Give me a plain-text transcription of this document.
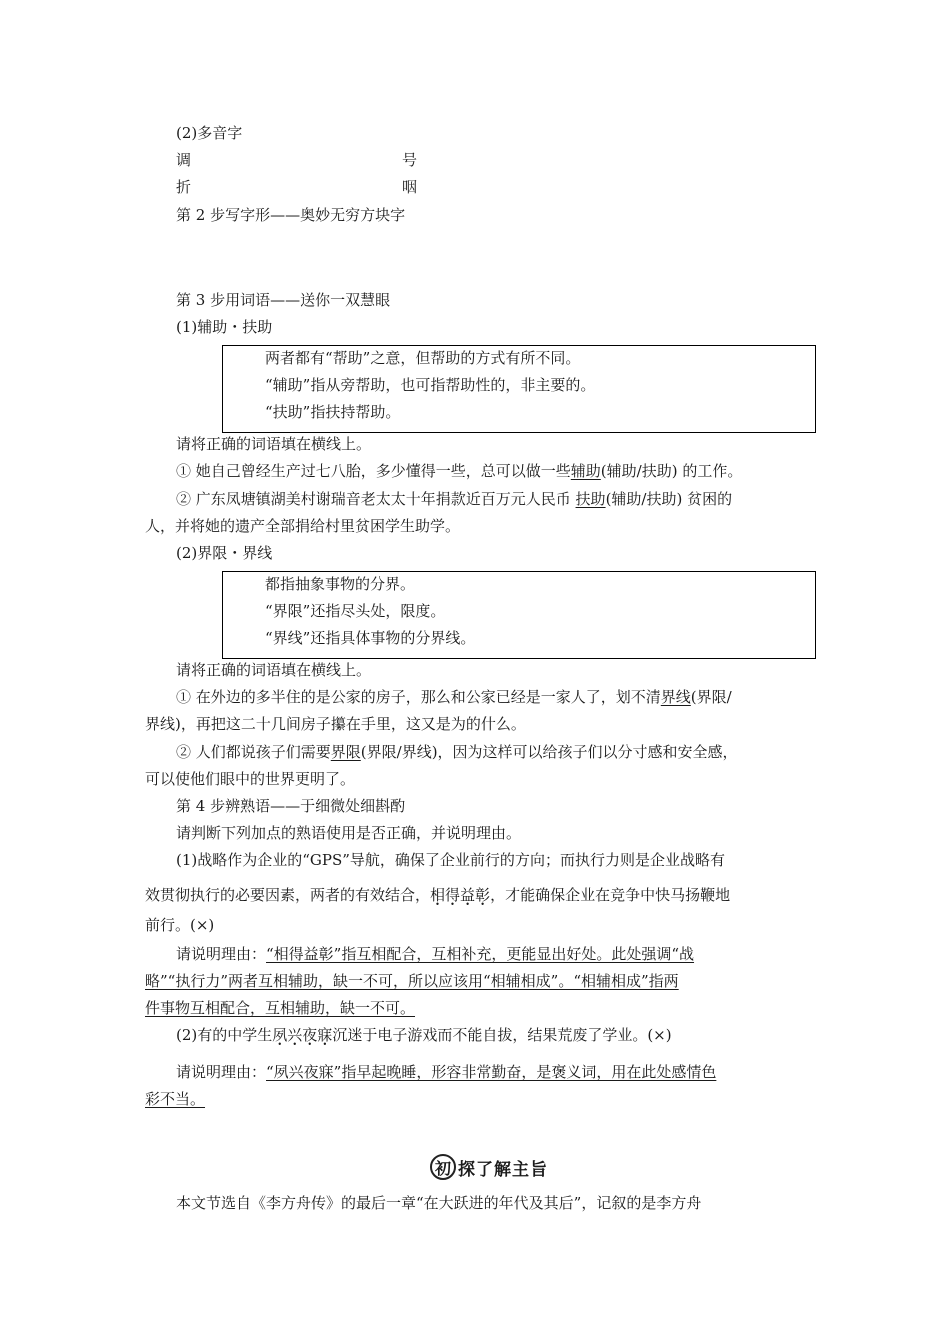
(2)多音字
调	号
折	咽
第 2 步写字形——奥妙无穷方块字
第 3 步用词语——送你一双慧眼
(1)辅助・扶助
两者都有“帮助”之意，但帮助的方式有所不同。
“辅助”指从旁帮助，也可指帮助性的，非主要的。
“扶助”指扶持帮助。
请将正确的词语填在横线上。
① 她自己曾经生产过七八胎，多少懂得一些，总可以做一些辅助(辅助/扶助) 的工作。
② 广东凤塘镇湖美村谢瑞音老太太十年捐款近百万元人民币 扶助(辅助/扶助) 贫困的
人，并将她的遗产全部捐给村里贫困学生助学。
(2)界限・界线
都指抽象事物的分界。
“界限”还指尽头处，限度。
“界线”还指具体事物的分界线。
请将正确的词语填在横线上。
① 在外边的多半住的是公家的房子，那么和公家已经是一家人了，划不清界线(界限/
界线)，再把这二十几间房子攥在手里，这又是为的什么。
② 人们都说孩子们需要界限(界限/界线)，因为这样可以给孩子们以分寸感和安全感，
可以使他们眼中的世界更明了。
第 4 步辨熟语——于细微处细斟酌
请判断下列加点的熟语使用是否正确，并说明理由。
(1)战略作为企业的“GPS”导航，确保了企业前行的方向；而执行力则是企业战略有
效贯彻执行的必要因素，两者的有效结合，相得益彰，才能确保企业在竞争中快马扬鞭地
前行。(×)
请说明理由：“相得益彰”指互相配合，互相补充，更能显出好处。此处强调“战
略”“执行力”两者互相辅助，缺一不可，所以应该用“相辅相成”。“相辅相成”指两
件事物互相配合，互相辅助，缺一不可。
(2)有的中学生夙兴夜寐沉迷于电子游戏而不能自拔，结果荒废了学业。(×)
请说明理由：“夙兴夜寐”指早起晚睡，形容非常勤奋，是褒义词，用在此处感情色
彩不当。
初 探了解主旨
本文节选自《李方舟传》的最后一章“在大跃进的年代及其后”，记叙的是李方舟
